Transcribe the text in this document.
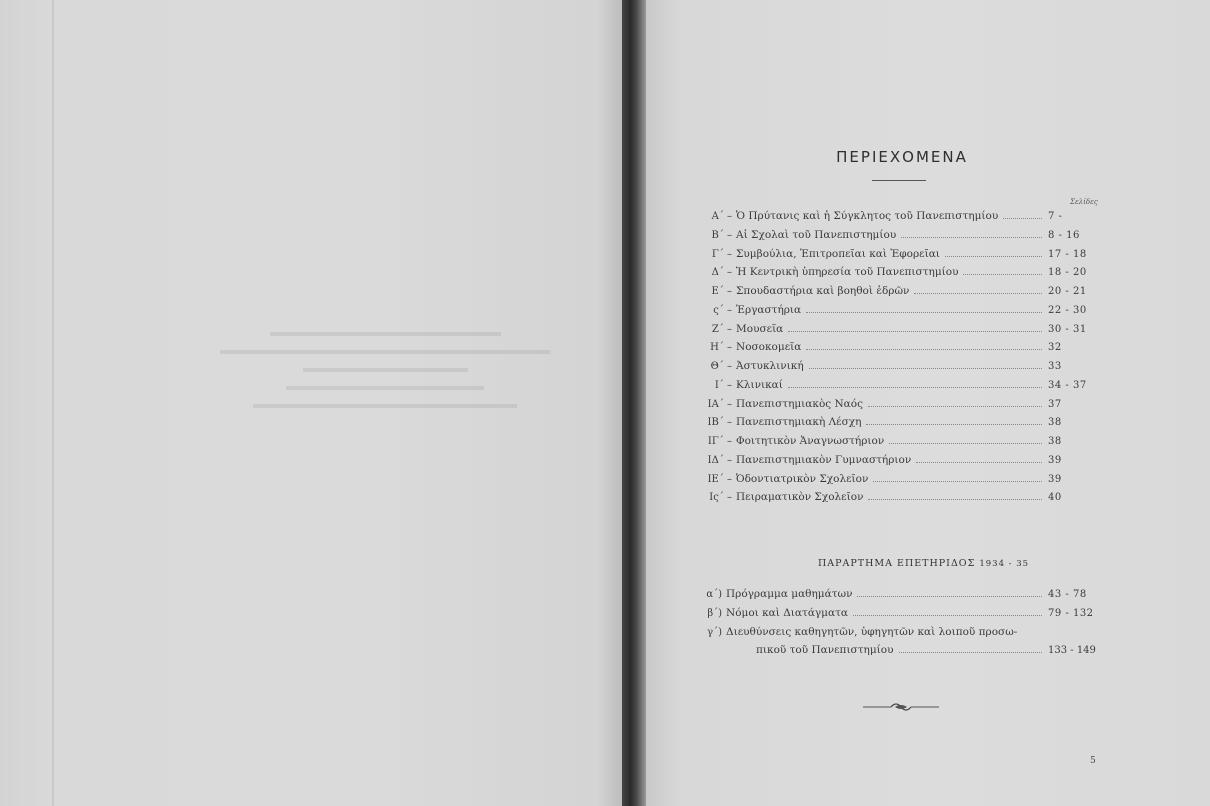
ΠΕΡΙΕΧΟΜΕΝΑ
Σελίδες
Α΄ – Ὁ Πρύτανις καὶ ἡ Σύγκλητος τοῦ Πανεπιστημίου	7 -
Β΄ – Αἱ Σχολαὶ τοῦ Πανεπιστημίου	8 - 16
Γ΄ – Συμβούλια, Ἐπιτροπεῖαι καὶ Ἐφορεῖαι	17 - 18
Δ΄ – Ἡ Κεντρικὴ ὑπηρεσία τοῦ Πανεπιστημίου	18 - 20
Ε΄ – Σπουδαστήρια καὶ βοηθοὶ ἑδρῶν	20 - 21
ς΄ – Ἐργαστήρια	22 - 30
Ζ΄ – Μουσεῖα	30 - 31
Η΄ – Νοσοκομεῖα	32
Θ΄ – Ἀστυκλινική	33
Ι΄ – Κλινικαί	34 - 37
ΙΑ΄ – Πανεπιστημιακὸς Ναός	37
ΙΒ΄ – Πανεπιστημιακὴ Λέσχη	38
ΙΓ΄ – Φοιτητικὸν Ἀναγνωστήριον	38
ΙΔ΄ – Πανεπιστημιακὸν Γυμναστήριον	39
ΙΕ΄ – Ὀδοντιατρικὸν Σχολεῖον	39
Ις΄ – Πειραματικὸν Σχολεῖον	40
ΠΑΡΑΡΤΗΜΑ ΕΠΕΤΗΡΙΔΟΣ 1934 - 35
α΄) Πρόγραμμα μαθημάτων	43 - 78
β΄) Νόμοι καὶ Διατάγματα	79 - 132
γ΄) Διευθύνσεις καθηγητῶν, ὑφηγητῶν καὶ λοιποῦ προσω-
πικοῦ τοῦ Πανεπιστημίου	133 - 149
5
